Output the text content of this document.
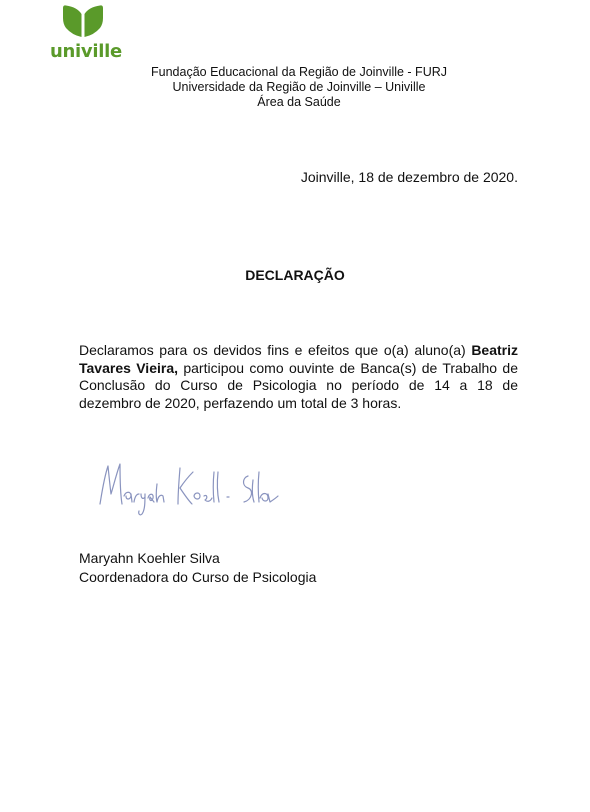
univille
Fundação Educacional da Região de Joinville - FURJ
Universidade da Região de Joinville – Univille
Área da Saúde
Joinville, 18 de dezembro de 2020.
DECLARAÇÃO
Declaramos para os devidos fins e efeitos que o(a) aluno(a) Beatriz Tavares Vieira, participou como ouvinte de Banca(s) de Trabalho de Conclusão do Curso de Psicologia no período de 14 a 18 de dezembro de 2020, perfazendo um total de 3 horas.
Maryahn Koehler Silva
Coordenadora do Curso de Psicologia
